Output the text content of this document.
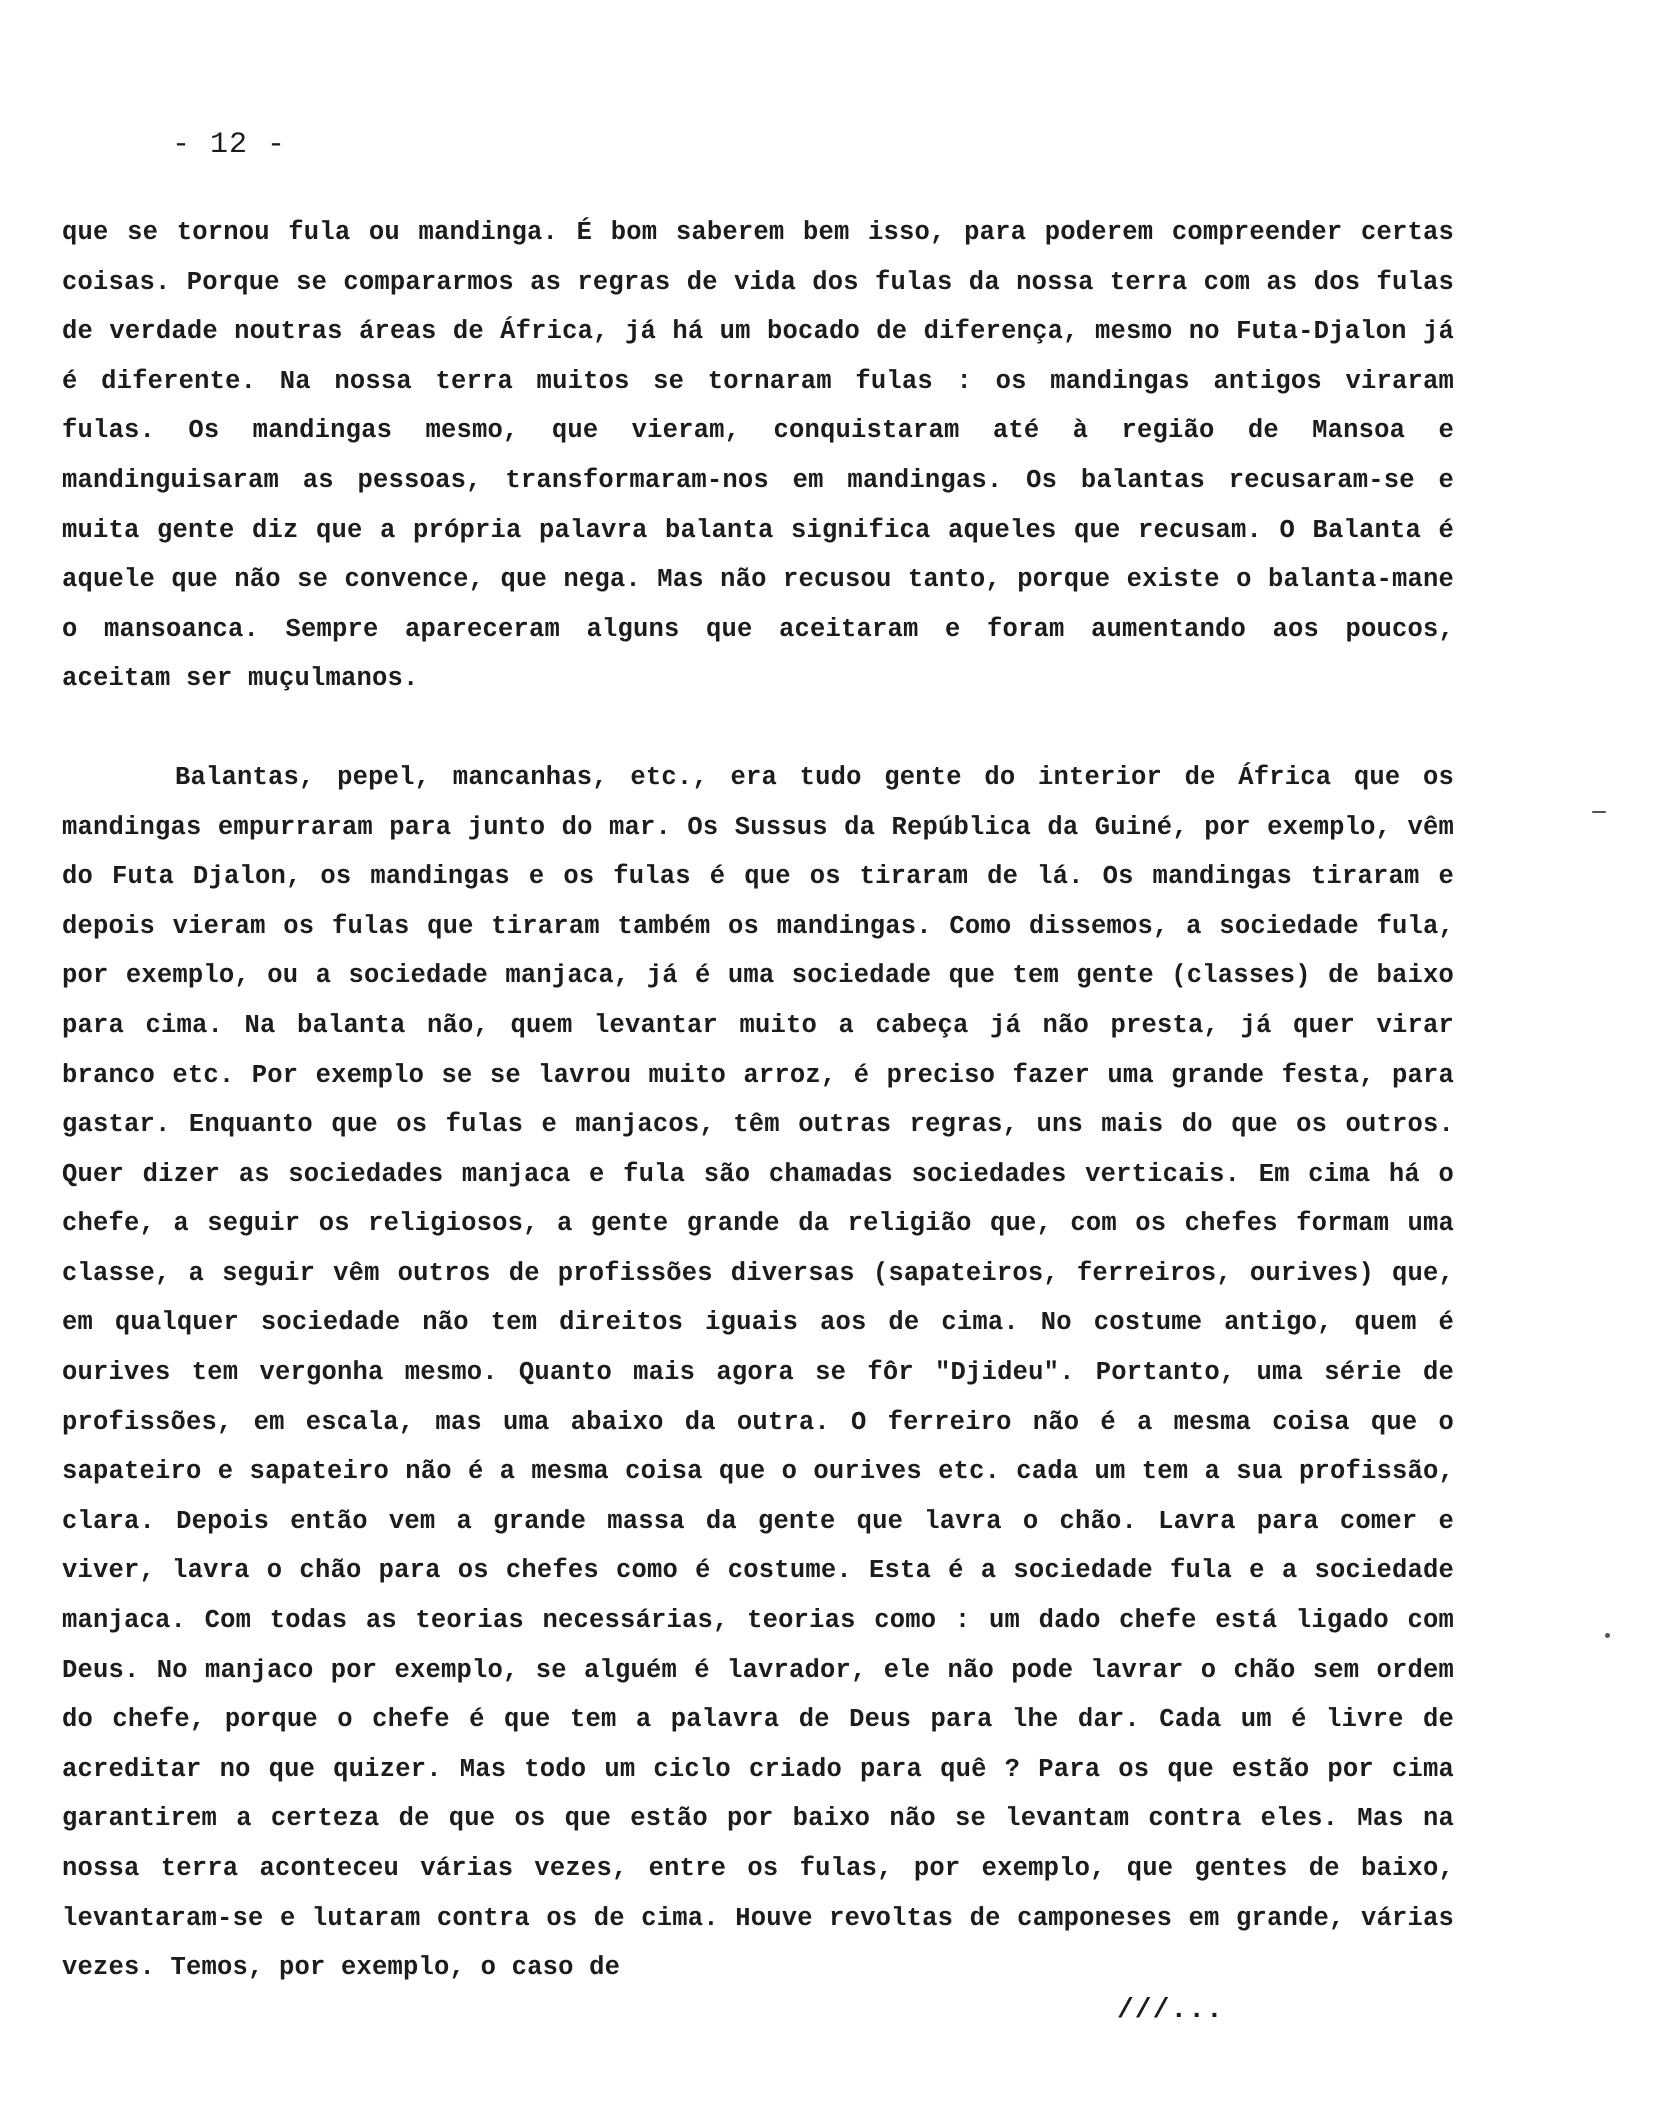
- 12 -

que se tornou fula ou mandinga. É bom saberem bem isso, para poderem compreender certas coisas. Porque se compararmos as regras de vida dos fulas da nossa terra com as dos fulas de verdade noutras áreas de África, já há um bocado de diferença, mesmo no Futa-Djalon já é diferente. Na nossa terra muitos se tornaram fulas : os mandingas antigos viraram fulas. Os mandingas mesmo, que vieram, conquistaram até à região de Mansoa e mandinguisaram as pessoas, transformaram-nos em mandingas. Os balantas recusaram-se e muita gente diz que a própria palavra balanta significa aqueles que recusam. O Balanta é aquele que não se convence, que nega. Mas não recusou tanto, porque existe o balanta-mane o mansoanca. Sempre apareceram alguns que aceitaram e foram aumentando aos poucos, aceitam ser muçulmanos.

Balantas, pepel, mancanhas, etc., era tudo gente do interior de África que os mandingas empurraram para junto do mar. Os Sussus da República da Guiné, por exemplo, vêm do Futa Djalon, os mandingas e os fulas é que os tiraram de lá. Os mandingas tiraram e depois vieram os fulas que tiraram também os mandingas. Como dissemos, a sociedade fula, por exemplo, ou a sociedade manjaca, já é uma sociedade que tem gente (classes) de baixo para cima. Na balanta não, quem levantar muito a cabeça já não presta, já quer virar branco etc. Por exemplo se se lavrou muito arroz, é preciso fazer uma grande festa, para gastar. Enquanto que os fulas e manjacos, têm outras regras, uns mais do que os outros. Quer dizer as sociedades manjaca e fula são chamadas sociedades verticais. Em cima há o chefe, a seguir os religiosos, a gente grande da religião que, com os chefes formam uma classe, a seguir vêm outros de profissões diversas (sapateiros, ferreiros, ourives) que, em qualquer sociedade não tem direitos iguais aos de cima. No costume antigo, quem é ourives tem vergonha mesmo. Quanto mais agora se fôr "Djideu". Portanto, uma série de profissões, em escala, mas uma abaixo da outra. O ferreiro não é a mesma coisa que o sapateiro e sapateiro não é a mesma coisa que o ourives etc. cada um tem a sua profissão, clara. Depois então vem a grande massa da gente que lavra o chão. Lavra para comer e viver, lavra o chão para os chefes como é costume. Esta é a sociedade fula e a sociedade manjaca. Com todas as teorias necessárias, teorias como : um dado chefe está ligado com Deus. No manjaco por exemplo, se alguém é lavrador, ele não pode lavrar o chão sem ordem do chefe, porque o chefe é que tem a palavra de Deus para lhe dar. Cada um é livre de acreditar no que quizer. Mas todo um ciclo criado para quê ? Para os que estão por cima garantirem a certeza de que os que estão por baixo não se levantam contra eles. Mas na nossa terra aconteceu várias vezes, entre os fulas, por exemplo, que gentes de baixo, levantaram-se e lutaram contra os de cima. Houve revoltas de camponeses em grande, várias vezes. Temos, por exemplo, o caso de

///...
